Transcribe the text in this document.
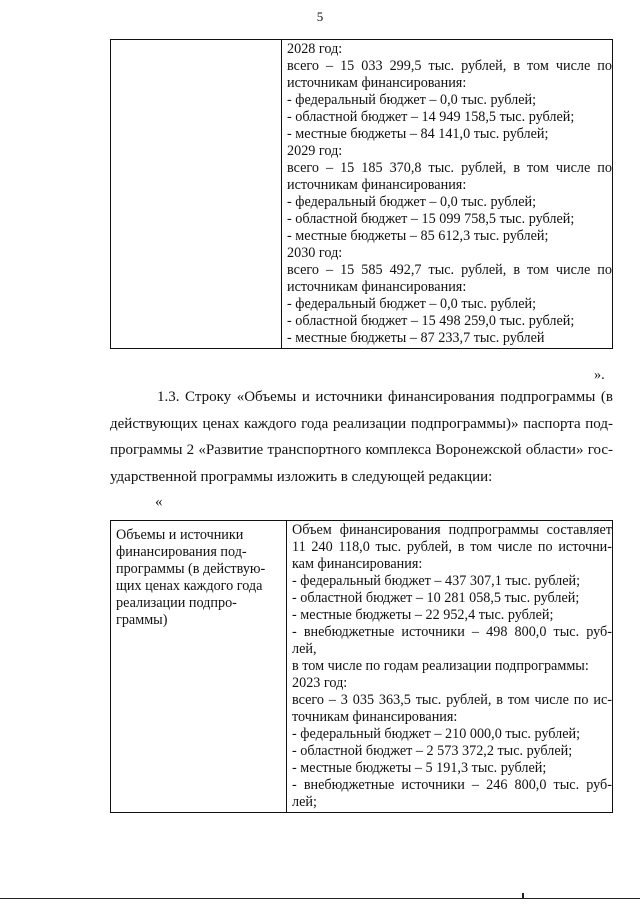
5

2028 год:
всего – 15 033 299,5 тыс. рублей, в том числе по
источникам финансирования:
- федеральный бюджет – 0,0 тыс. рублей;
- областной бюджет – 14 949 158,5 тыс. рублей;
- местные бюджеты – 84 141,0 тыс. рублей;
2029 год:
всего – 15 185 370,8 тыс. рублей, в том числе по
источникам финансирования:
- федеральный бюджет – 0,0 тыс. рублей;
- областной бюджет – 15 099 758,5 тыс. рублей;
- местные бюджеты – 85 612,3 тыс. рублей;
2030 год:
всего – 15 585 492,7 тыс. рублей, в том числе по
источникам финансирования:
- федеральный бюджет – 0,0 тыс. рублей;
- областной бюджет – 15 498 259,0 тыс. рублей;
- местные бюджеты – 87 233,7 тыс. рублей
».
1.3. Строку «Объемы и источники финансирования подпрограммы (в
действующих ценах каждого года реализации подпрограммы)» паспорта под-
программы 2 «Развитие транспортного комплекса Воронежской области» гос-
ударственной программы изложить в следующей редакции:
«
Объемы и источники
финансирования под-
программы (в действую-
щих ценах каждого года
реализации подпро-
граммы)

Объем финансирования подпрограммы составляет
11 240 118,0 тыс. рублей, в том числе по источни-
кам финансирования:
- федеральный бюджет – 437 307,1 тыс. рублей;
- областной бюджет – 10 281 058,5 тыс. рублей;
- местные бюджеты – 22 952,4 тыс. рублей;
- внебюджетные источники – 498 800,0 тыс. руб-
лей,
в том числе по годам реализации подпрограммы:
2023 год:
всего – 3 035 363,5 тыс. рублей, в том числе по ис-
точникам финансирования:
- федеральный бюджет – 210 000,0 тыс. рублей;
- областной бюджет – 2 573 372,2 тыс. рублей;
- местные бюджеты – 5 191,3 тыс. рублей;
- внебюджетные источники – 246 800,0 тыс. руб-
лей;
